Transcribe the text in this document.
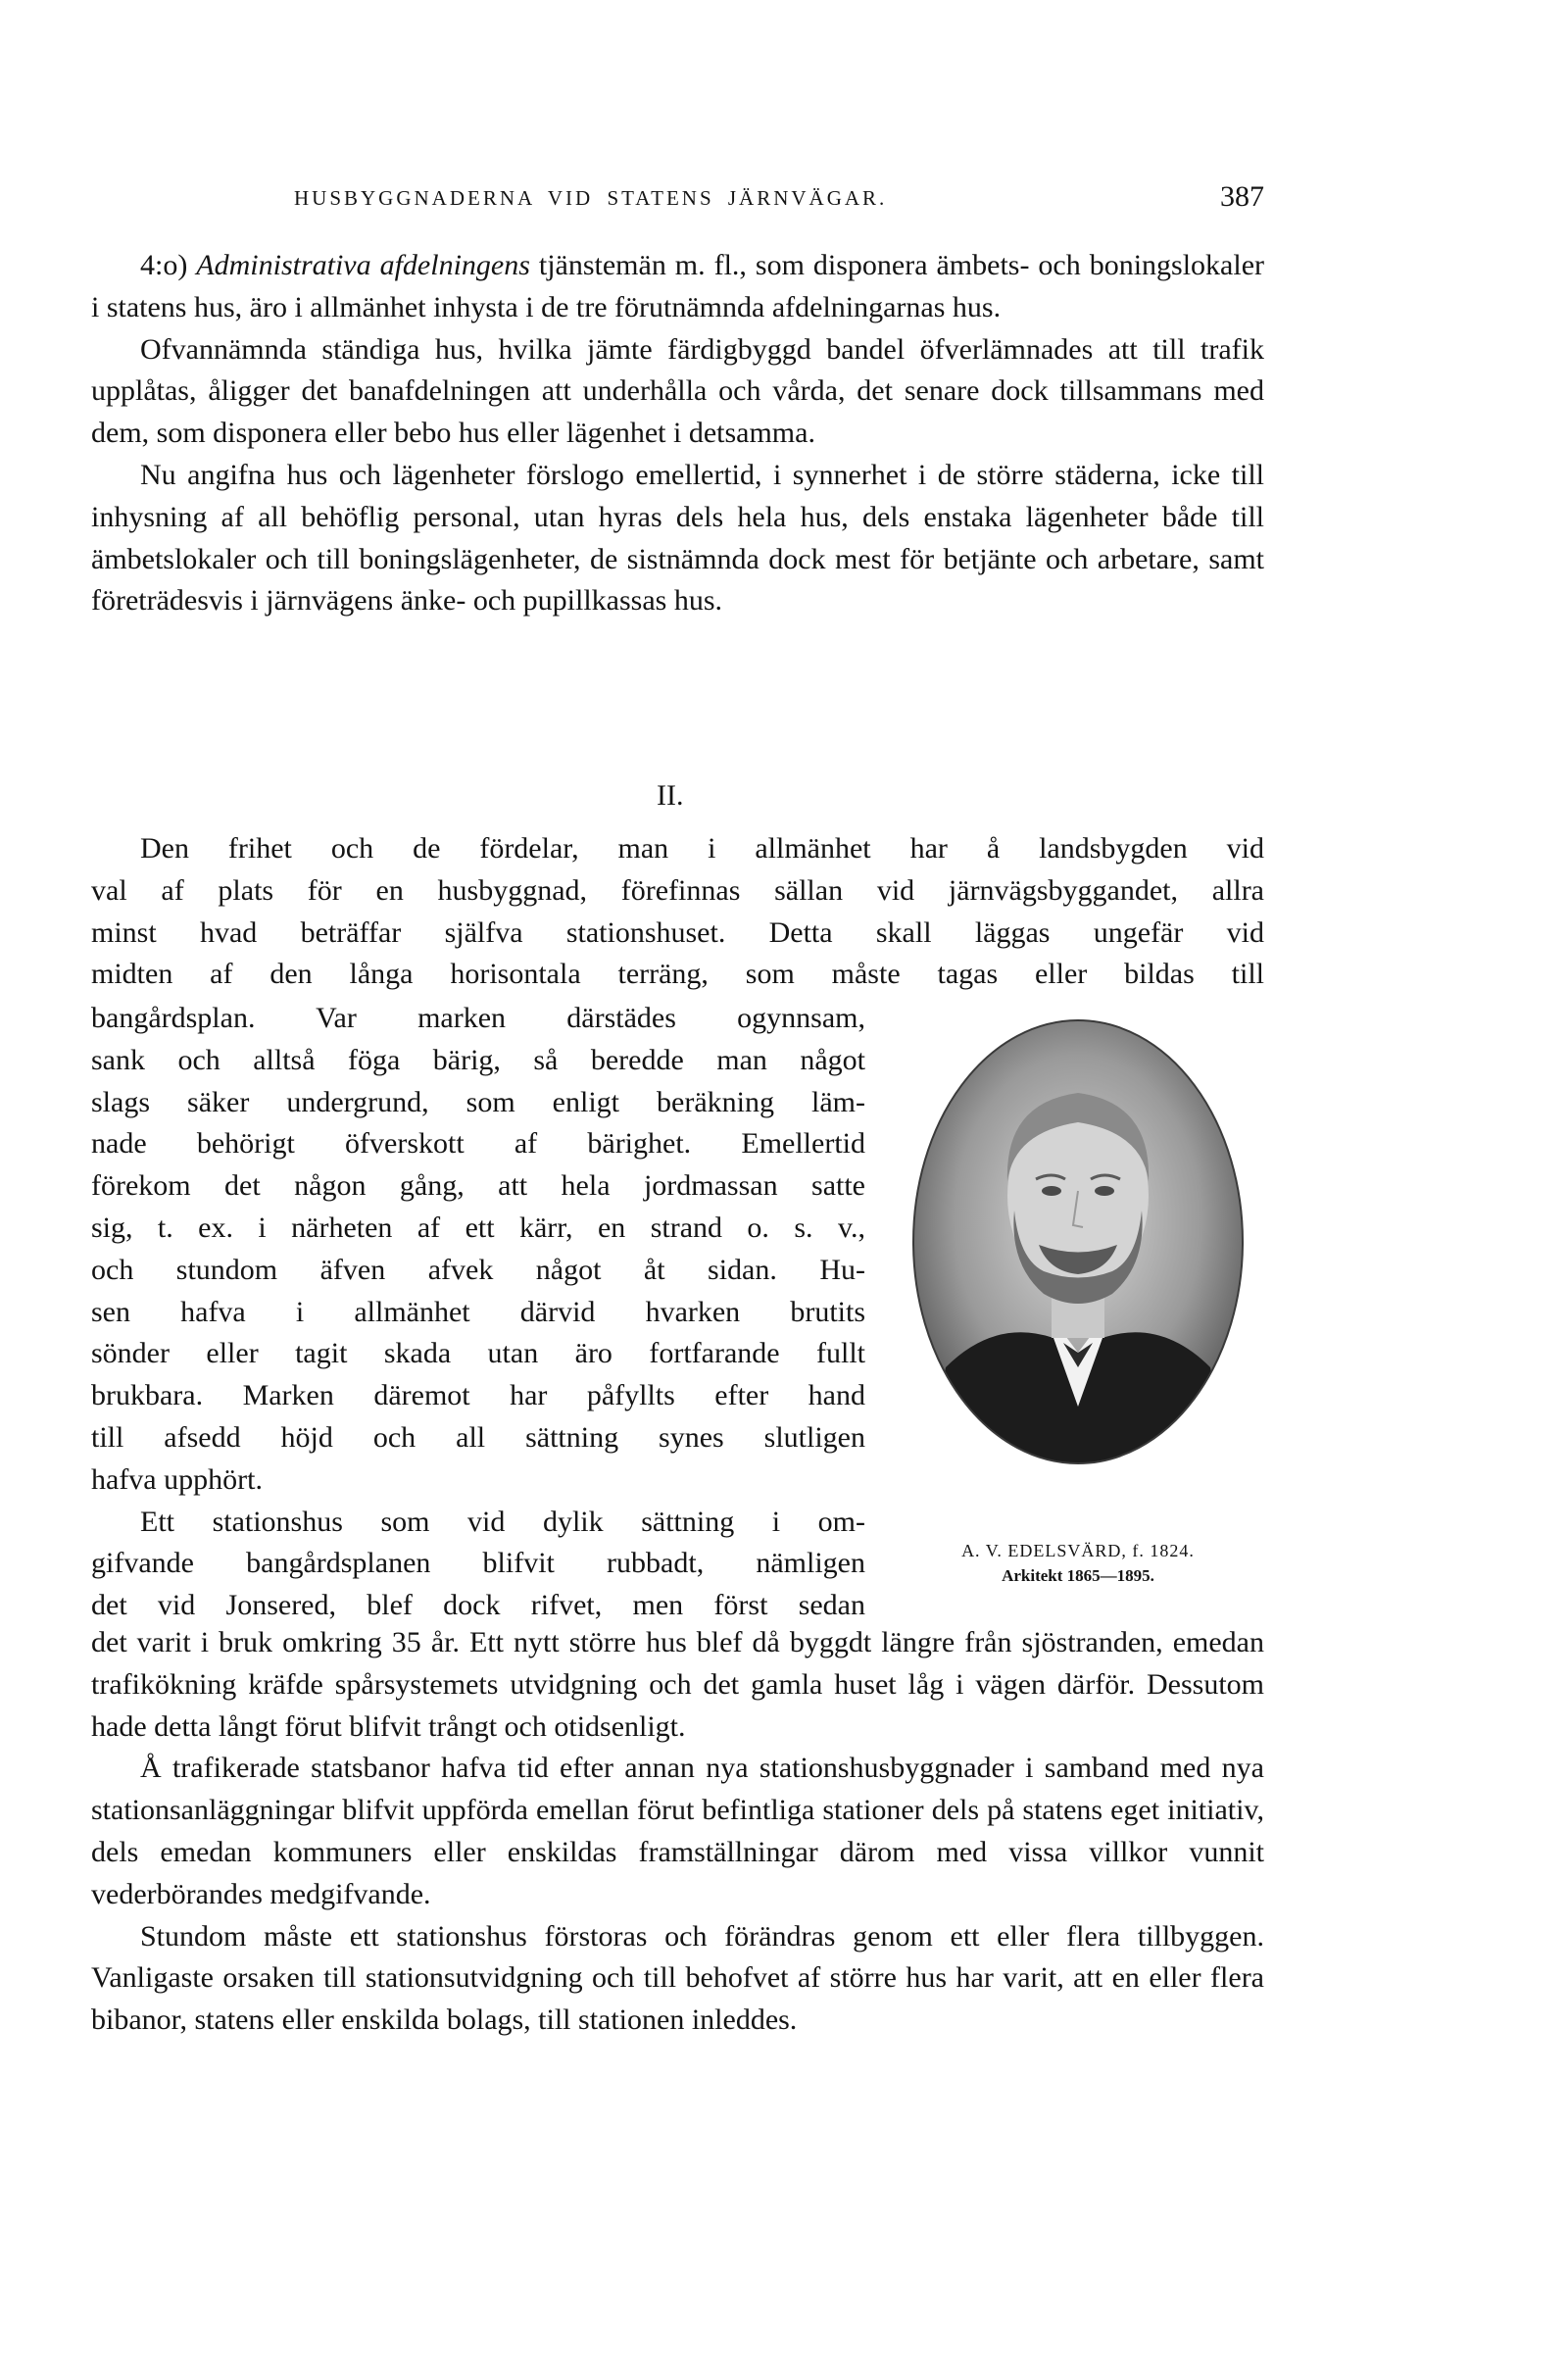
HUSBYGGNADERNA VID STATENS JÄRNVÄGAR.	387

4:o) Administrativa afdelningens tjänstemän m. fl., som disponera ämbets- och boningslokaler i statens hus, äro i allmänhet inhysta i de tre förutnämnda afdelningarnas hus.

Ofvannämnda ständiga hus, hvilka jämte färdigbyggd bandel öfverlämnades att till trafik upplåtas, åligger det banafdelningen att underhålla och vårda, det senare dock tillsammans med dem, som disponera eller bebo hus eller lägenhet i detsamma.

Nu angifna hus och lägenheter förslogo emellertid, i synnerhet i de större städerna, icke till inhysning af all behöflig personal, utan hyras dels hela hus, dels enstaka lägenheter både till ämbetslokaler och till boningslägenheter, de sistnämnda dock mest för betjänte och arbetare, samt företrädesvis i järnvägens änke- och pupillkassas hus.

II.
Den frihet och de fördelar, man i allmänhet har å landsbygden vid
val af plats för en husbyggnad, förefinnas sällan vid järnvägsbyggandet, allra
minst hvad beträffar själfva stationshuset. Detta skall läggas ungefär vid
midten af den långa horisontala terräng, som måste tagas eller bildas till
bangårdsplan. Var marken därstädes ogynnsam,
sank och alltså föga bärig, så beredde man något
slags säker undergrund, som enligt beräkning läm-
nade behörigt öfverskott af bärighet. Emellertid
förekom det någon gång, att hela jordmassan satte
sig, t. ex. i närheten af ett kärr, en strand o. s. v.,
och stundom äfven afvek något åt sidan. Hu-
sen hafva i allmänhet därvid hvarken brutits
sönder eller tagit skada utan äro fortfarande fullt
brukbara. Marken däremot har påfyllts efter hand
till afsedd höjd och all sättning synes slutligen
hafva upphört.
Ett stationshus som vid dylik sättning i om-
gifvande bangårdsplanen blifvit rubbadt, nämligen
det vid Jonsered, blef dock rifvet, men först sedan
A. V. EDELSVÄRD, f. 1824.
Arkitekt 1865—1895.

det varit i bruk omkring 35 år. Ett nytt större hus blef då byggdt längre från sjöstranden, emedan trafikökning kräfde spårsystemets utvidgning och det gamla huset låg i vägen därför. Dessutom hade detta långt förut blifvit trångt och otidsenligt.

Å trafikerade statsbanor hafva tid efter annan nya stationshusbyggnader i samband med nya stationsanläggningar blifvit uppförda emellan förut befintliga stationer dels på statens eget initiativ, dels emedan kommuners eller enskildas framställningar därom med vissa villkor vunnit vederbörandes medgifvande.

Stundom måste ett stationshus förstoras och förändras genom ett eller flera tillbyggen. Vanligaste orsaken till stationsutvidgning och till behofvet af större hus har varit, att en eller flera bibanor, statens eller enskilda bolags, till stationen inleddes.
